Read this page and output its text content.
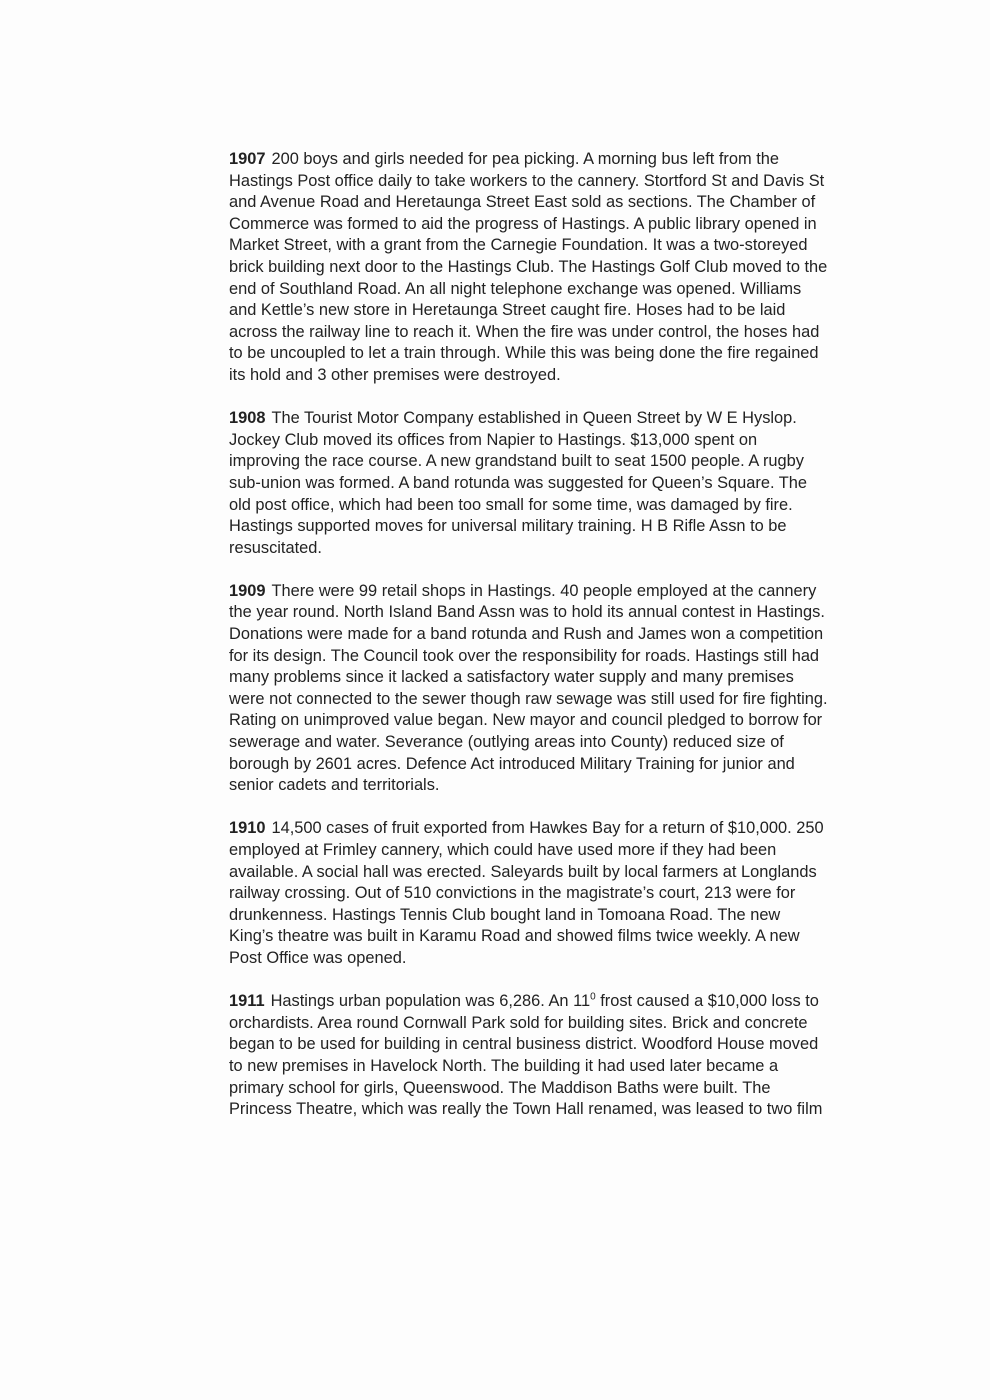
1907 200 boys and girls needed for pea picking. A morning bus left from the Hastings Post office daily to take workers to the cannery. Stortford St and Davis St and Avenue Road and Heretaunga Street East sold as sections. The Chamber of Commerce was formed to aid the progress of Hastings. A public library opened in Market Street, with a grant from the Carnegie Foundation. It was a two-storeyed brick building next door to the Hastings Club. The Hastings Golf Club moved to the end of Southland Road. An all night telephone exchange was opened. Williams and Kettle’s new store in Heretaunga Street caught fire. Hoses had to be laid across the railway line to reach it. When the fire was under control, the hoses had to be uncoupled to let a train through. While this was being done the fire regained its hold and 3 other premises were destroyed.

1908 The Tourist Motor Company established in Queen Street by W E Hyslop. Jockey Club moved its offices from Napier to Hastings. $13,000 spent on improving the race course. A new grandstand built to seat 1500 people. A rugby sub-union was formed. A band rotunda was suggested for Queen’s Square. The old post office, which had been too small for some time, was damaged by fire. Hastings supported moves for universal military training. H B Rifle Assn to be resuscitated.

1909 There were 99 retail shops in Hastings. 40 people employed at the cannery the year round. North Island Band Assn was to hold its annual contest in Hastings. Donations were made for a band rotunda and Rush and James won a competition for its design. The Council took over the responsibility for roads. Hastings still had many problems since it lacked a satisfactory water supply and many premises were not connected to the sewer though raw sewage was still used for fire fighting. Rating on unimproved value began. New mayor and council pledged to borrow for sewerage and water. Severance (outlying areas into County) reduced size of borough by 2601 acres. Defence Act introduced Military Training for junior and senior cadets and territorials.

1910 14,500 cases of fruit exported from Hawkes Bay for a return of $10,000. 250 employed at Frimley cannery, which could have used more if they had been available. A social hall was erected. Saleyards built by local farmers at Longlands railway crossing. Out of 510 convictions in the magistrate’s court, 213 were for drunkenness. Hastings Tennis Club bought land in Tomoana Road. The new King’s theatre was built in Karamu Road and showed films twice weekly. A new Post Office was opened.

1911 Hastings urban population was 6,286. An $11^0$ frost caused a $10,000 loss to orchardists. Area round Cornwall Park sold for building sites. Brick and concrete began to be used for building in central business district. Woodford House moved to new premises in Havelock North. The building it had used later became a primary school for girls, Queenswood. The Maddison Baths were built. The Princess Theatre, which was really the Town Hall renamed, was leased to two film
